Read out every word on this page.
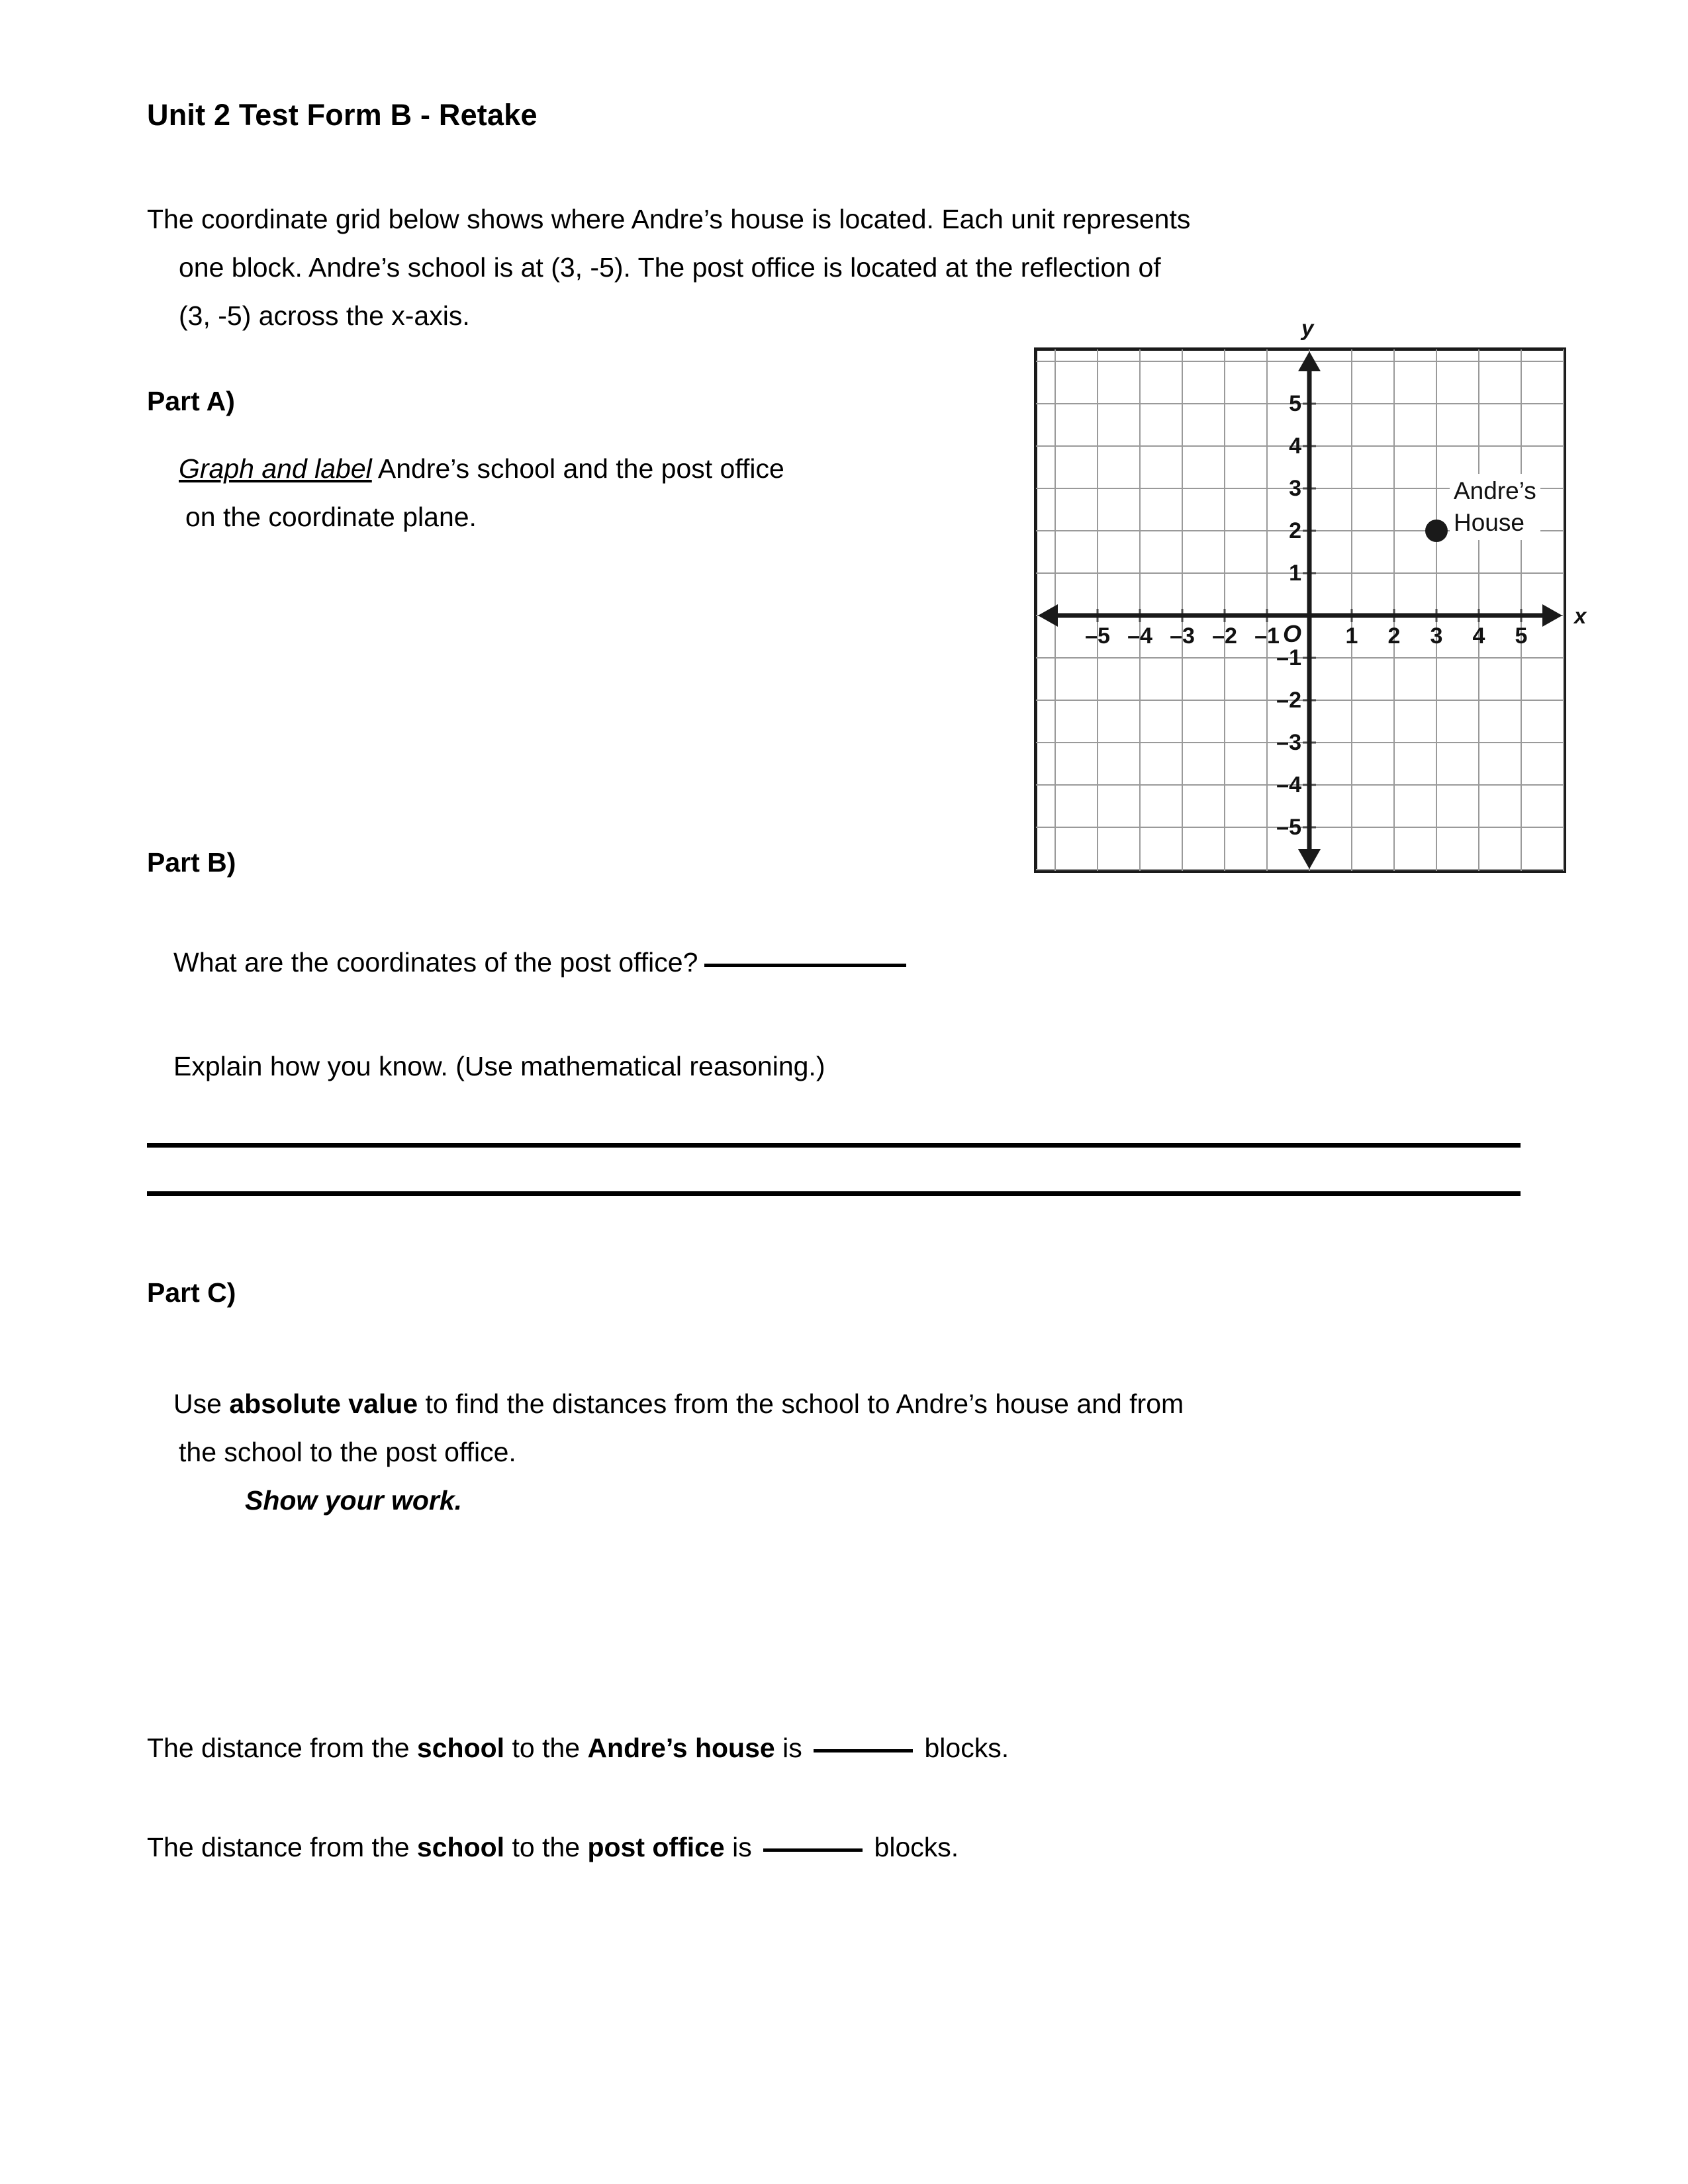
Unit 2 Test Form B - Retake
The coordinate grid below shows where Andre’s house is located. Each unit represents
one block. Andre’s school is at (3, -5). The post office is located at the reflection of
(3, -5) across the x-axis.
Part A)
Graph and label Andre’s school and the post office
on the coordinate plane.
y
x
O
–5 –4 –3 –2 –1	1	2	3	4	5
5
4
3
2
1
–1
–2
–3
–4
–5
Andre’s
House
Part B)
What are the coordinates of the post office?
Explain how you know. (Use mathematical reasoning.)
Part C)
Use absolute value to find the distances from the school to Andre’s house and from
the school to the post office.
Show your work.
The distance from the school to the Andre’s house is	blocks.
The distance from the school to the post office is	blocks.
